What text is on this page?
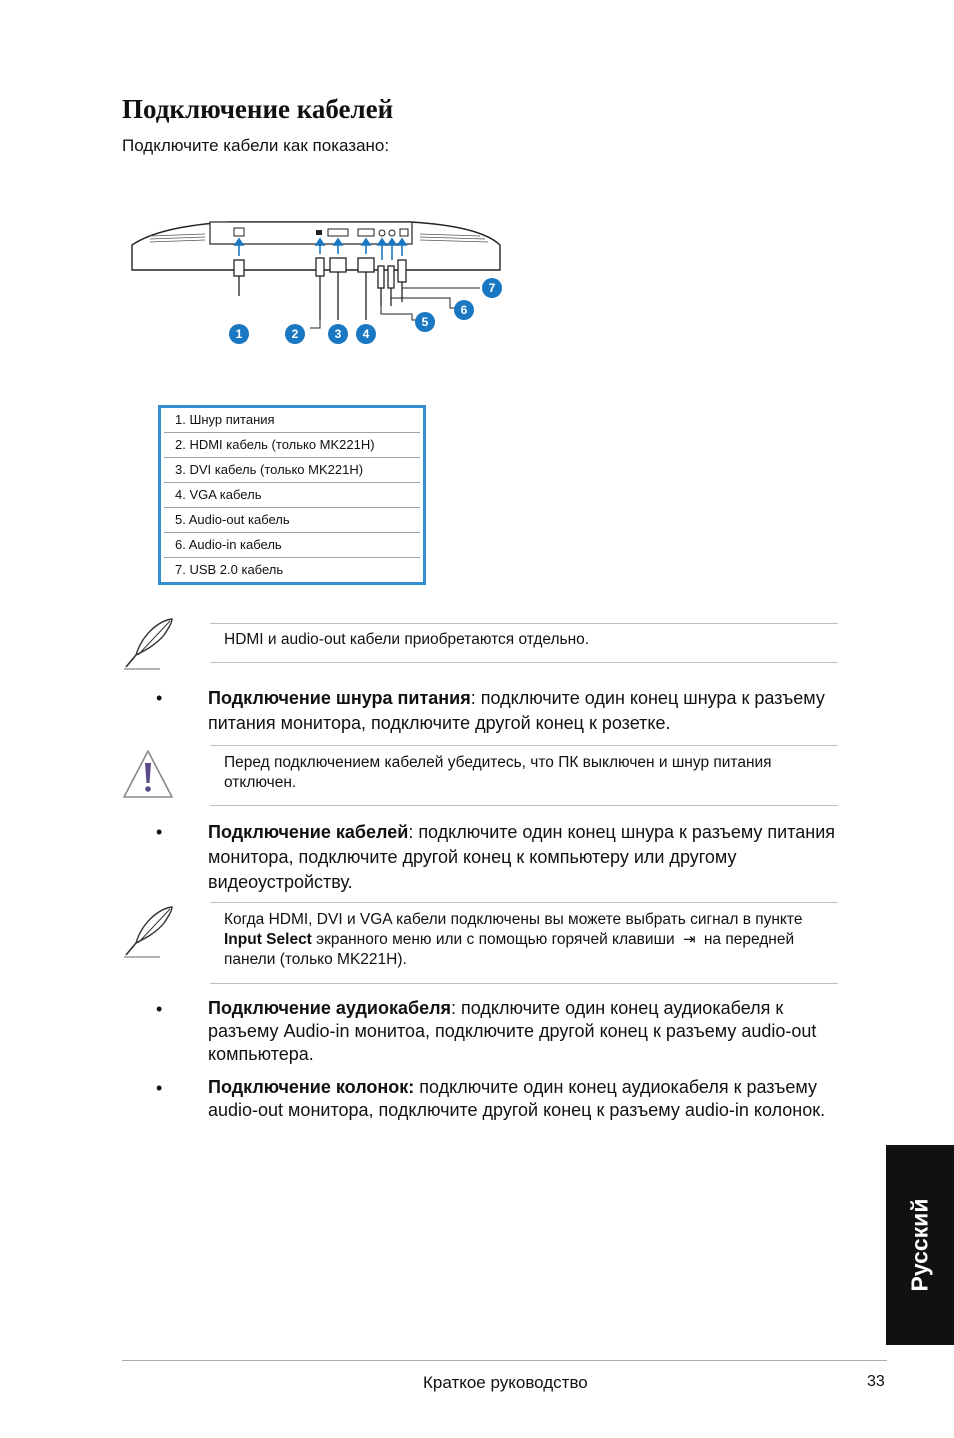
Подключение кабелей
Подключите кабели как показано:
1	2	3 4
5
6
7
1. Шнур питания
2. HDMI кабель (только MK221H)
3. DVI кабель (только MK221H)
4. VGA кабель
5. Audio-out кабель
6. Audio-in кабель
7. USB 2.0 кабель
HDMI и audio-out кабели приобретаются отдельно.
•	Подключение шнура питания: подключите один конец шнура к разъему питания монитора, подключите другой конец к розетке.
Перед подключением кабелей убедитесь, что ПК выключен и шнур питания отключен.
•	Подключение кабелей: подключите один конец шнура к разъему питания монитора, подключите другой конец к компьютеру или другому видеоустройству.
Когда HDMI, DVI и VGA кабели подключены вы можете выбрать сигнал в пункте Input Select экранного меню или с помощью горячей клавиши ⇥ на передней панели (только MK221H).
•	Подключение аудиокабеля: подключите один конец аудиокабеля к разъему Audio-in монитоа, подключите другой конец к разъему audio-out компьютера.
•	Подключение колонок: подключите один конец аудиокабеля к разъему audio-out монитора, подключите другой конец к разъему audio-in колонок.
Русский
Краткое руководство	33
